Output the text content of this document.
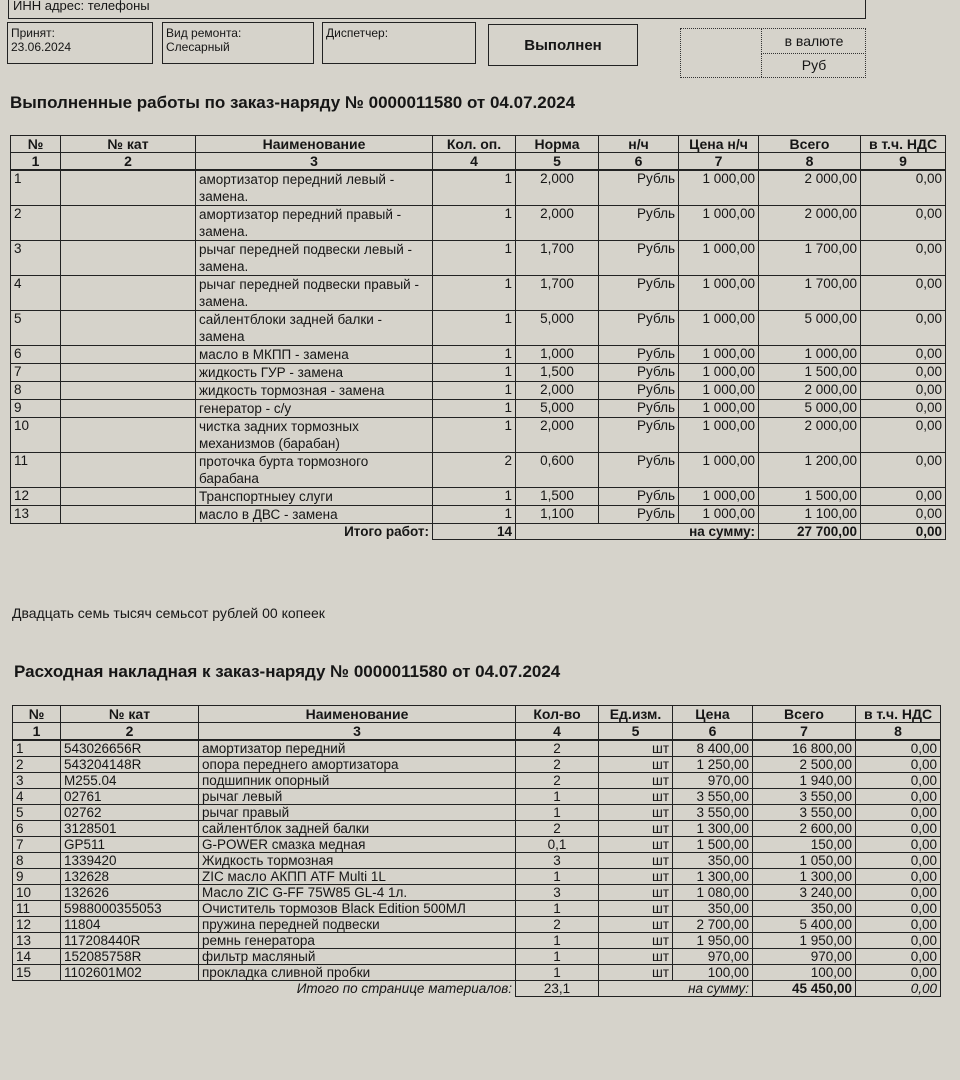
ИНН адрес: телефоны
Принят:
23.06.2024
Вид ремонта:
Слесарный
Диспетчер:
Выполнен	в валюте
Руб
Выполненные работы по заказ-наряду № 0000011580 от 04.07.2024
№	№ кат	Наименование	Кол. оп.	Норма	н/ч	Цена н/ч	Всего	в т.ч. НДС
1	2	3	4	5	6	7	8	9
1		амортизатор передний левый - замена.	1	2,000	Рубль	1 000,00	2 000,00	0,00
2		амортизатор передний правый - замена.	1	2,000	Рубль	1 000,00	2 000,00	0,00
3		рычаг передней подвески левый - замена.	1	1,700	Рубль	1 000,00	1 700,00	0,00
4		рычаг передней подвески правый - замена.	1	1,700	Рубль	1 000,00	1 700,00	0,00
5		сайлентблоки задней балки - замена	1	5,000	Рубль	1 000,00	5 000,00	0,00
6		масло в МКПП - замена	1	1,000	Рубль	1 000,00	1 000,00	0,00
7		жидкость ГУР - замена	1	1,500	Рубль	1 000,00	1 500,00	0,00
8		жидкость тормозная - замена	1	2,000	Рубль	1 000,00	2 000,00	0,00
9		генератор - с/у	1	5,000	Рубль	1 000,00	5 000,00	0,00
10		чистка задних тормозных механизмов (барабан)	1	2,000	Рубль	1 000,00	2 000,00	0,00
11		проточка бурта тормозного барабана	2	0,600	Рубль	1 000,00	1 200,00	0,00
12		Транспортныеу слуги	1	1,500	Рубль	1 000,00	1 500,00	0,00
13		масло в ДВС - замена	1	1,100	Рубль	1 000,00	1 100,00	0,00
Итого работ:			14	на сумму:			27 700,00	0,00
Двадцать семь тысяч семьсот рублей 00 копеек
Расходная накладная к заказ-наряду № 0000011580 от 04.07.2024
№	№ кат	Наименование	Кол-во	Ед.изм.	Цена	Всего	в т.ч. НДС
1	2	3	4	5	6	7	8
1	543026656R	амортизатор передний	2	шт	8 400,00	16 800,00	0,00
2	543204148R	опора переднего амортизатора	2	шт	1 250,00	2 500,00	0,00
3	M255.04	подшипник опорный	2	шт	970,00	1 940,00	0,00
4	02761	рычаг левый	1	шт	3 550,00	3 550,00	0,00
5	02762	рычаг правый	1	шт	3 550,00	3 550,00	0,00
6	3128501	сайлентблок задней балки	2	шт	1 300,00	2 600,00	0,00
7	GP511	G-POWER смазка медная	0,1	шт	1 500,00	150,00	0,00
8	1339420	Жидкость тормозная	3	шт	350,00	1 050,00	0,00
9	132628	ZIC масло АКПП ATF Multi 1L	1	шт	1 300,00	1 300,00	0,00
10	132626	Масло ZIC G-FF 75W85 GL-4 1л.	3	шт	1 080,00	3 240,00	0,00
11	5988000355053	Очиститель тормозов Black Edition 500МЛ	1	шт	350,00	350,00	0,00
12	11804	пружина передней подвески	2	шт	2 700,00	5 400,00	0,00
13	117208440R	ремнь генератора	1	шт	1 950,00	1 950,00	0,00
14	152085758R	фильтр масляный	1	шт	970,00	970,00	0,00
15	1102601M02	прокладка сливной пробки	1	шт	100,00	100,00	0,00
Итого по странице материалов:			23,1	на сумму:		45 450,00	0,00
